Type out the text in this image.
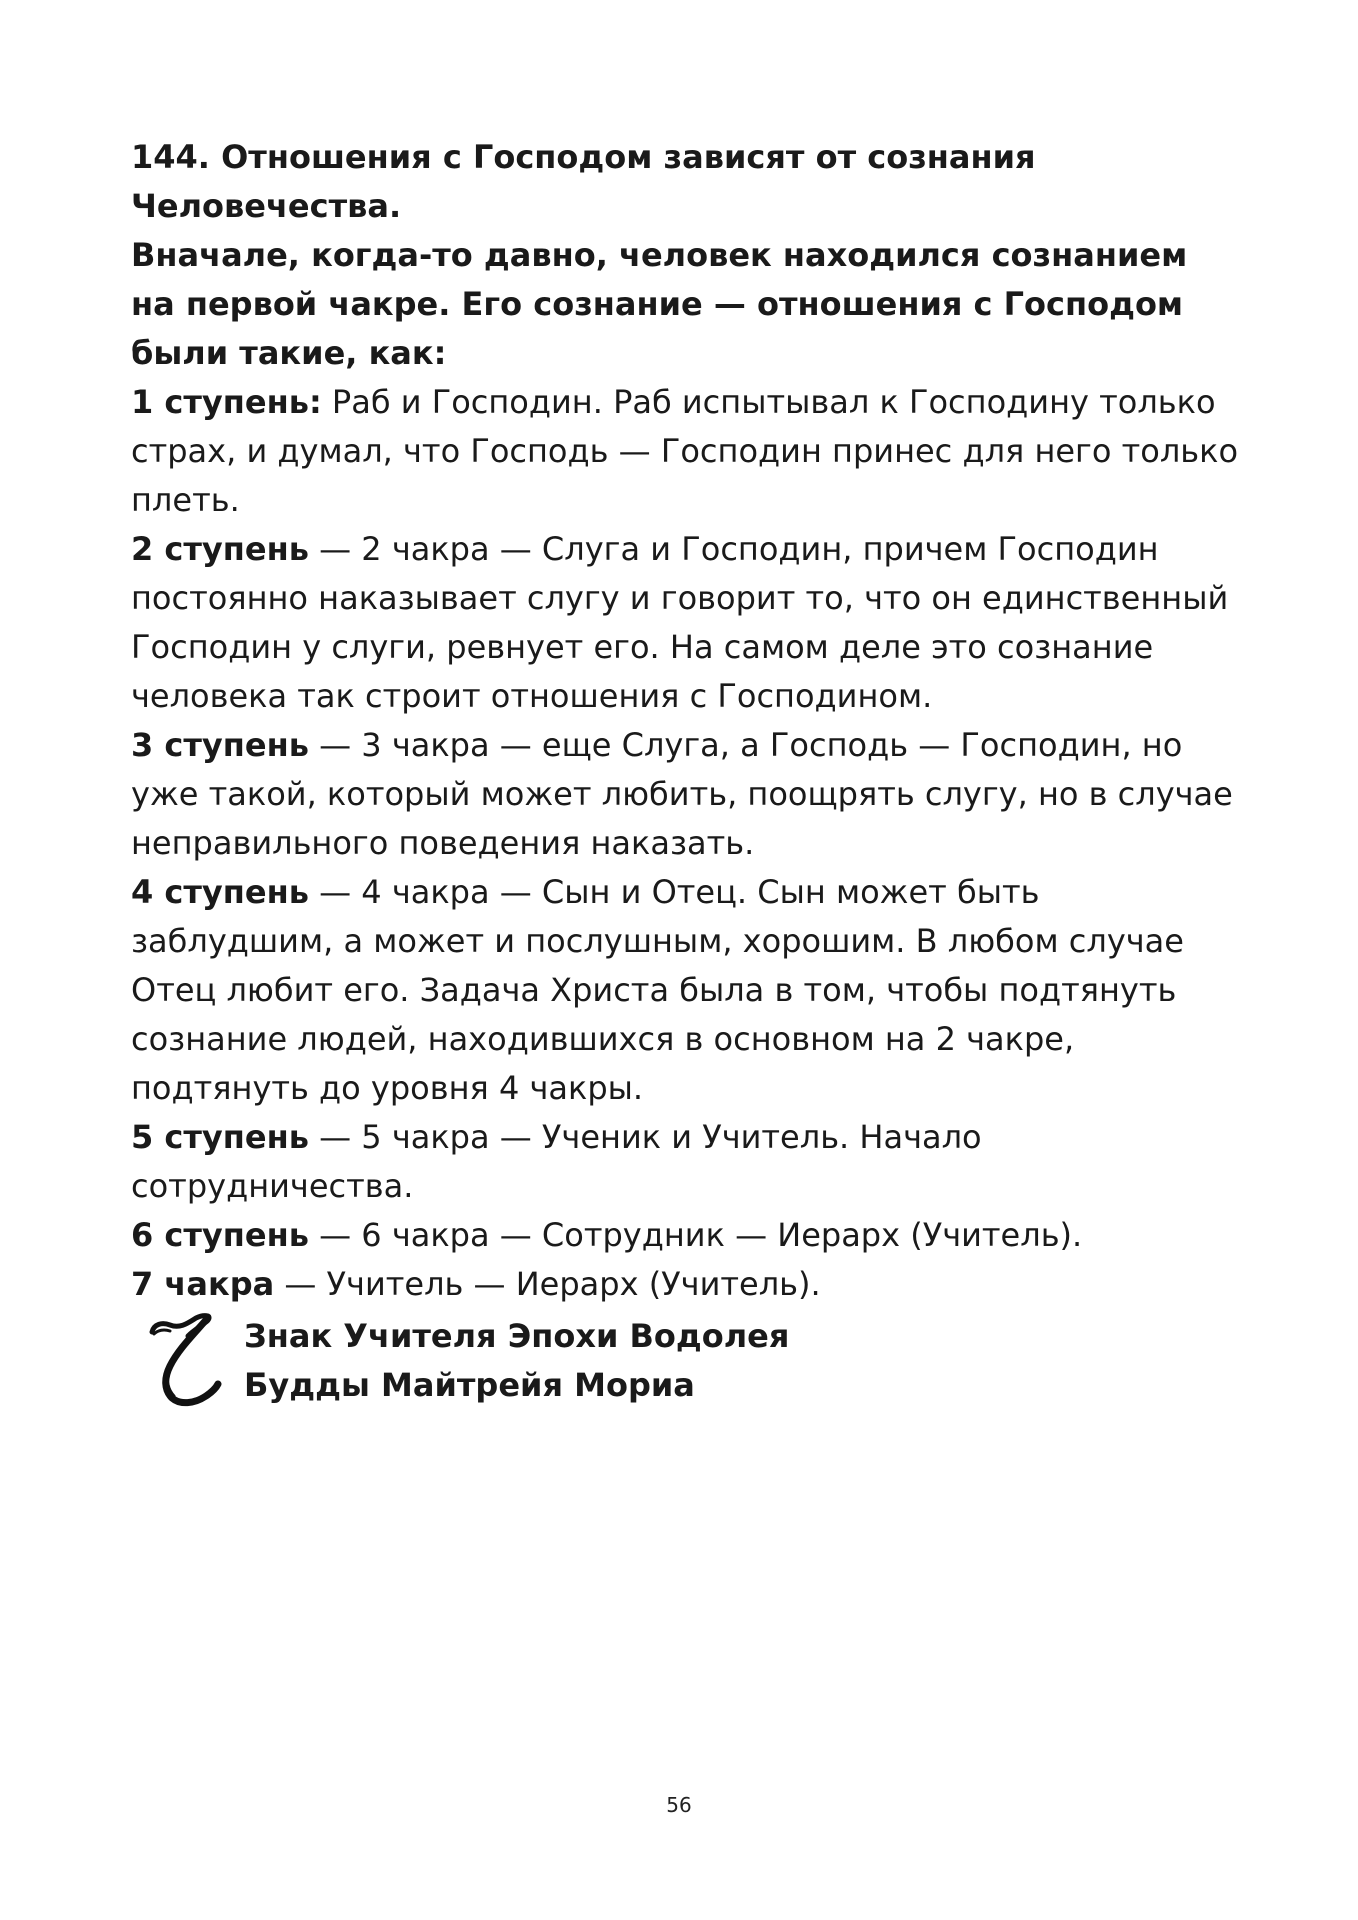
144. Отношения с Господом зависят от сознания Человечества.

Вначале, когда-то давно, человек находился сознанием на первой чакре. Его сознание — отношения с Господом были такие, как:

1 ступень: Раб и Господин. Раб испытывал к Господину только страх, и думал, что Господь — Господин принес для него только плеть.

2 ступень — 2 чакра — Слуга и Господин, причем Господин постоянно наказывает слугу и говорит то, что он единственный Господин у слуги, ревнует его. На самом деле это сознание человека так строит отношения с Господином.

3 ступень — 3 чакра — еще Слуга, а Господь — Господин, но уже такой, который может любить, поощрять слугу, но в случае неправильного поведения наказать.

4 ступень — 4 чакра — Сын и Отец. Сын может быть заблудшим, а может и послушным, хорошим. В любом случае Отец любит его. Задача Христа была в том, чтобы подтянуть сознание людей, находившихся в основном на 2 чакре, подтянуть до уровня 4 чакры.

5 ступень — 5 чакра — Ученик и Учитель. Начало сотрудничества.

6 ступень — 6 чакра — Сотрудник — Иерарх (Учитель).

7 чакра — Учитель — Иерарх (Учитель).

Знак Учителя Эпохи Водолея
Будды Майтрейя Мориа
56
